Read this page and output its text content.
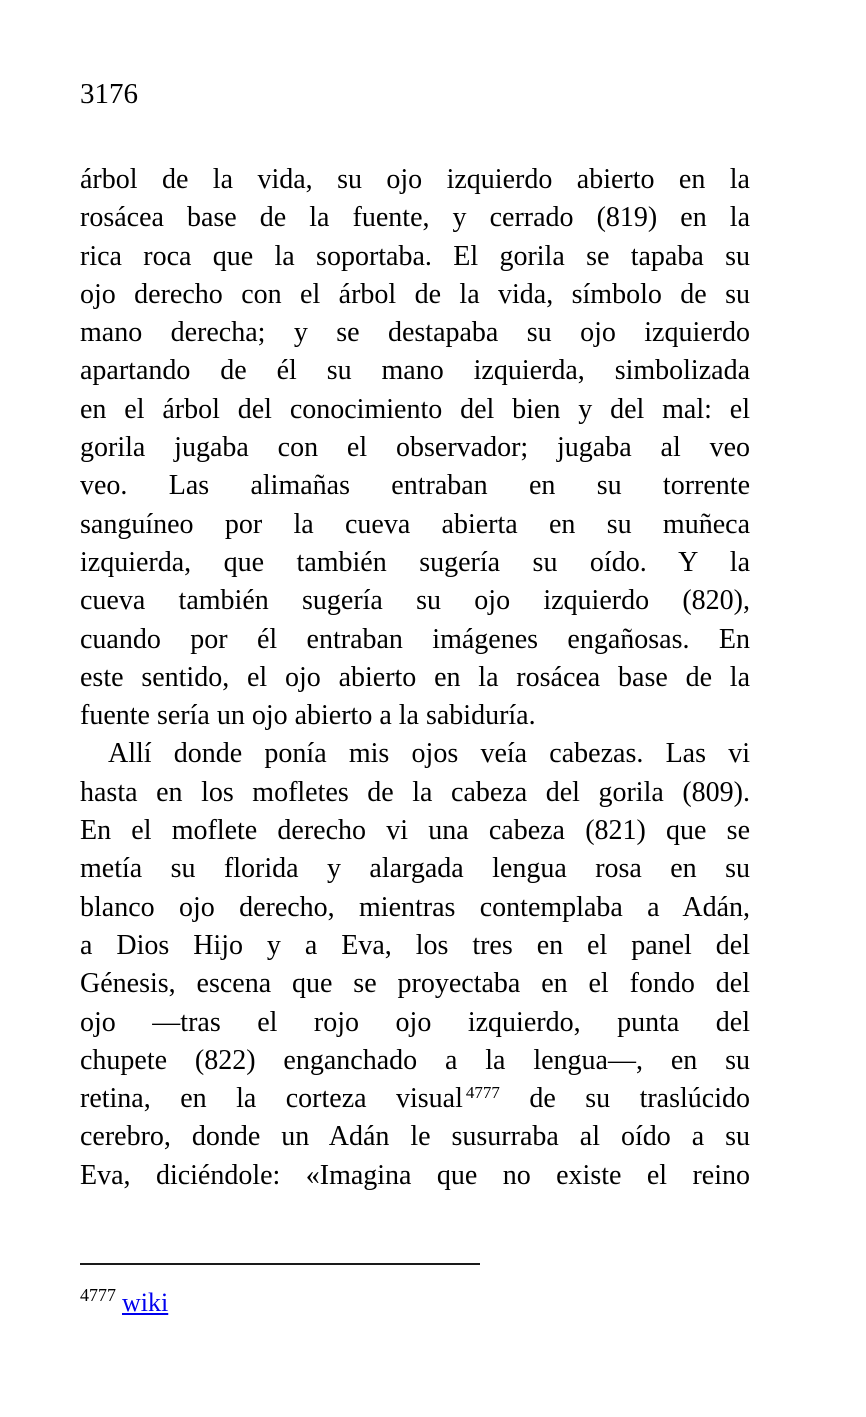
3176
árbol de la vida, su ojo izquierdo abierto en la
rosácea base de la fuente, y cerrado (819) en la
rica roca que la soportaba. El gorila se tapaba su
ojo derecho con el árbol de la vida, símbolo de su
mano derecha; y se destapaba su ojo izquierdo
apartando de él su mano izquierda, simbolizada
en el árbol del conocimiento del bien y del mal: el
gorila jugaba con el observador; jugaba al veo
veo. Las alimañas entraban en su torrente
sanguíneo por la cueva abierta en su muñeca
izquierda, que también sugería su oído. Y la
cueva también sugería su ojo izquierdo (820),
cuando por él entraban imágenes engañosas. En
este sentido, el ojo abierto en la rosácea base de la
fuente sería un ojo abierto a la sabiduría.
Allí donde ponía mis ojos veía cabezas. Las vi
hasta en los mofletes de la cabeza del gorila (809).
En el moflete derecho vi una cabeza (821) que se
metía su florida y alargada lengua rosa en su
blanco ojo derecho, mientras contemplaba a Adán,
a Dios Hijo y a Eva, los tres en el panel del
Génesis, escena que se proyectaba en el fondo del
ojo —tras el rojo ojo izquierdo, punta del
chupete (822) enganchado a la lengua—, en su
retina, en la corteza visual $^{4777}$ de su traslúcido
cerebro, donde un Adán le susurraba al oído a su
Eva, diciéndole: «Imagina que no existe el reino
$^{4777}$ wiki
